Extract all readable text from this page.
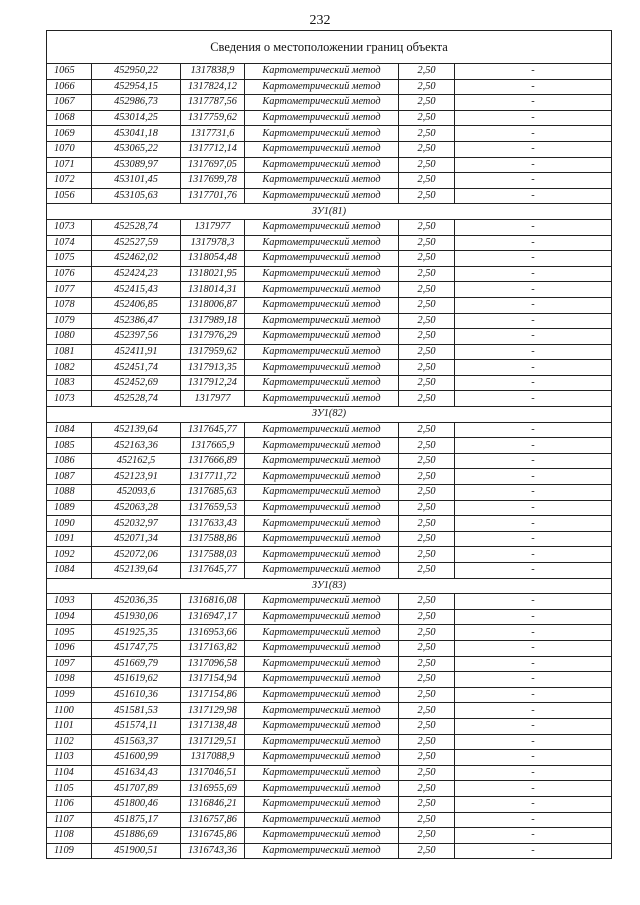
232
Сведения о местоположении границ объекта					
1065	452950,22	1317838,9	Картометрический метод	2,50	-
1066	452954,15	1317824,12	Картометрический метод	2,50	-
1067	452986,73	1317787,56	Картометрический метод	2,50	-
1068	453014,25	1317759,62	Картометрический метод	2,50	-
1069	453041,18	1317731,6	Картометрический метод	2,50	-
1070	453065,22	1317712,14	Картометрический метод	2,50	-
1071	453089,97	1317697,05	Картометрический метод	2,50	-
1072	453101,45	1317699,78	Картометрический метод	2,50	-
1056	453105,63	1317701,76	Картометрический метод	2,50	-
ЗУ1(81)					
1073	452528,74	1317977	Картометрический метод	2,50	-
1074	452527,59	1317978,3	Картометрический метод	2,50	-
1075	452462,02	1318054,48	Картометрический метод	2,50	-
1076	452424,23	1318021,95	Картометрический метод	2,50	-
1077	452415,43	1318014,31	Картометрический метод	2,50	-
1078	452406,85	1318006,87	Картометрический метод	2,50	-
1079	452386,47	1317989,18	Картометрический метод	2,50	-
1080	452397,56	1317976,29	Картометрический метод	2,50	-
1081	452411,91	1317959,62	Картометрический метод	2,50	-
1082	452451,74	1317913,35	Картометрический метод	2,50	-
1083	452452,69	1317912,24	Картометрический метод	2,50	-
1073	452528,74	1317977	Картометрический метод	2,50	-
ЗУ1(82)					
1084	452139,64	1317645,77	Картометрический метод	2,50	-
1085	452163,36	1317665,9	Картометрический метод	2,50	-
1086	452162,5	1317666,89	Картометрический метод	2,50	-
1087	452123,91	1317711,72	Картометрический метод	2,50	-
1088	452093,6	1317685,63	Картометрический метод	2,50	-
1089	452063,28	1317659,53	Картометрический метод	2,50	-
1090	452032,97	1317633,43	Картометрический метод	2,50	-
1091	452071,34	1317588,86	Картометрический метод	2,50	-
1092	452072,06	1317588,03	Картометрический метод	2,50	-
1084	452139,64	1317645,77	Картометрический метод	2,50	-
ЗУ1(83)					
1093	452036,35	1316816,08	Картометрический метод	2,50	-
1094	451930,06	1316947,17	Картометрический метод	2,50	-
1095	451925,35	1316953,66	Картометрический метод	2,50	-
1096	451747,75	1317163,82	Картометрический метод	2,50	-
1097	451669,79	1317096,58	Картометрический метод	2,50	-
1098	451619,62	1317154,94	Картометрический метод	2,50	-
1099	451610,36	1317154,86	Картометрический метод	2,50	-
1100	451581,53	1317129,98	Картометрический метод	2,50	-
1101	451574,11	1317138,48	Картометрический метод	2,50	-
1102	451563,37	1317129,51	Картометрический метод	2,50	-
1103	451600,99	1317088,9	Картометрический метод	2,50	-
1104	451634,43	1317046,51	Картометрический метод	2,50	-
1105	451707,89	1316955,69	Картометрический метод	2,50	-
1106	451800,46	1316846,21	Картометрический метод	2,50	-
1107	451875,17	1316757,86	Картометрический метод	2,50	-
1108	451886,69	1316745,86	Картометрический метод	2,50	-
1109	451900,51	1316743,36	Картометрический метод	2,50	-
